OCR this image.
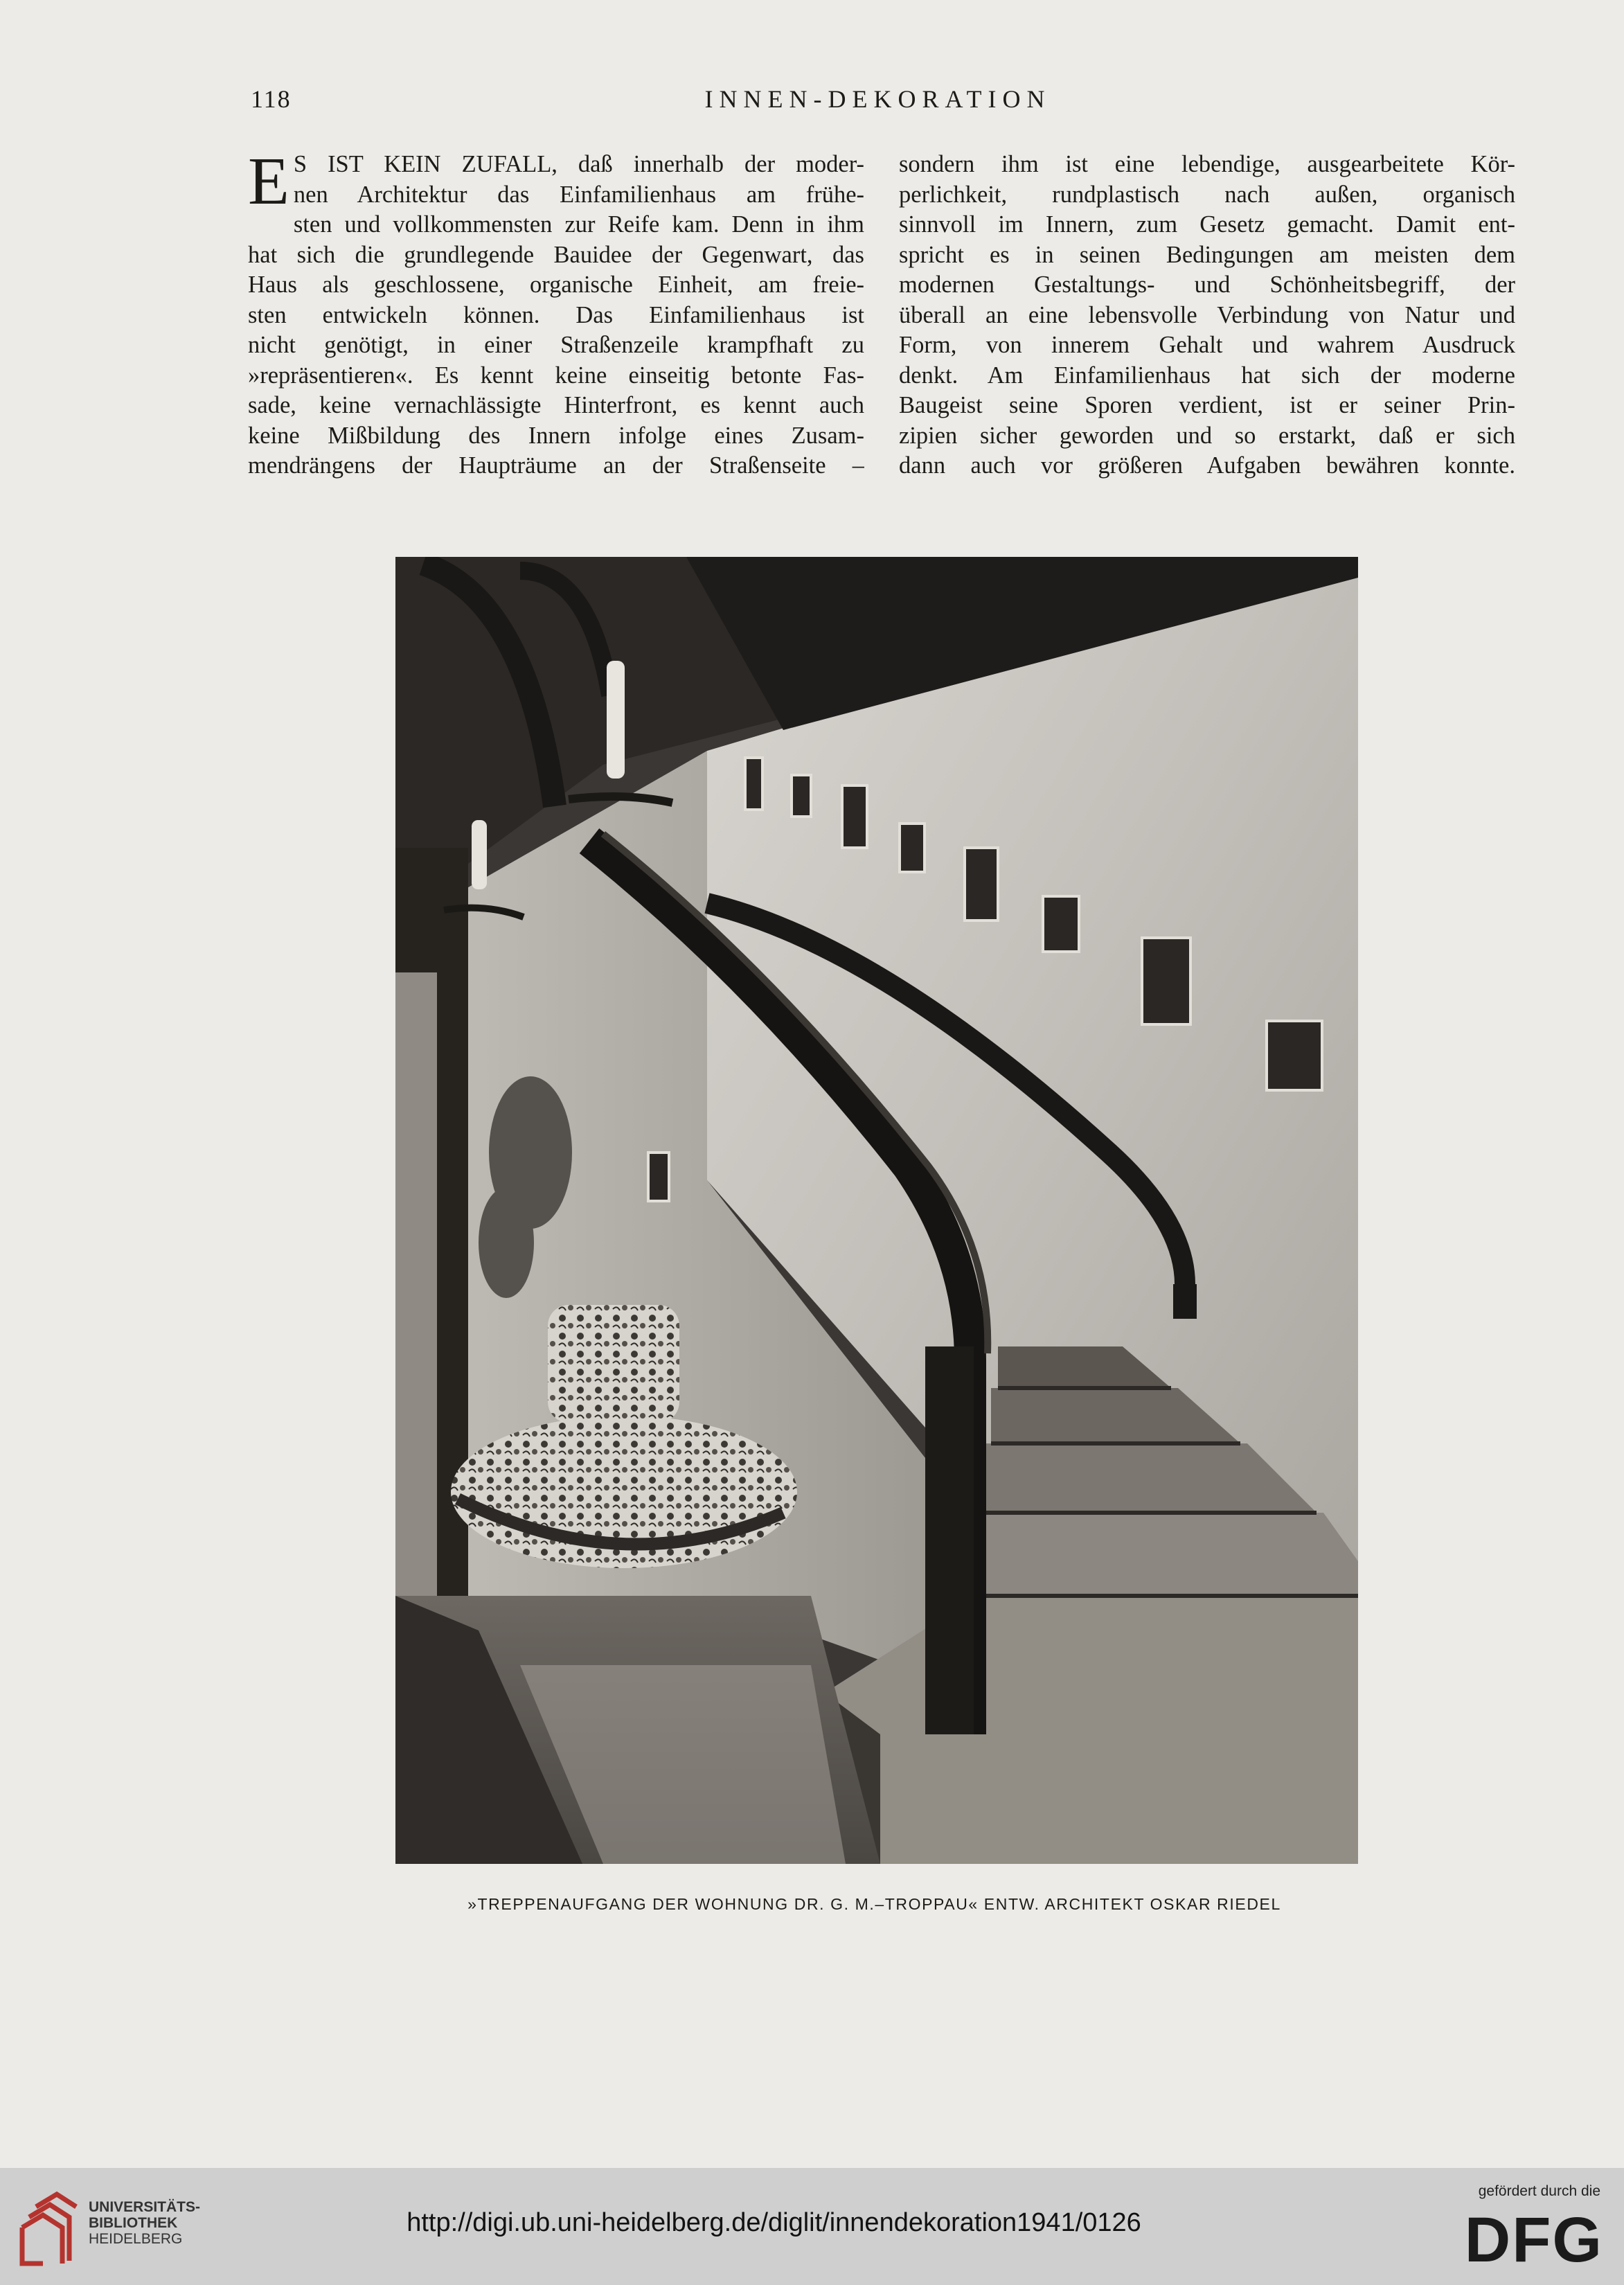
118	INNEN-DEKORATION
E S IST KEIN ZUFALL, daß innerhalb der moder-
nen Architektur das Einfamilienhaus am frühe-
sten und vollkommensten zur Reife kam. Denn in ihm
hat sich die grundlegende Bauidee der Gegenwart, das
Haus als geschlossene, organische Einheit, am freie-
sten entwickeln können. Das Einfamilienhaus ist
nicht genötigt, in einer Straßenzeile krampfhaft zu
»repräsentieren«. Es kennt keine einseitig betonte Fas-
sade, keine vernachlässigte Hinterfront, es kennt auch
keine Mißbildung des Innern infolge eines Zusam-
mendrängens der Haupträume an der Straßenseite –
sondern ihm ist eine lebendige, ausgearbeitete Kör-
perlichkeit, rundplastisch nach außen, organisch
sinnvoll im Innern, zum Gesetz gemacht. Damit ent-
spricht es in seinen Bedingungen am meisten dem
modernen Gestaltungs- und Schönheitsbegriff, der
überall an eine lebensvolle Verbindung von Natur und
Form, von innerem Gehalt und wahrem Ausdruck
denkt. Am Einfamilienhaus hat sich der moderne
Baugeist seine Sporen verdient, ist er seiner Prin-
zipien sicher geworden und so erstarkt, daß er sich
dann auch vor größeren Aufgaben bewähren konnte.
»TREPPENAUFGANG DER WOHNUNG DR. G. M.–TROPPAU« ENTW. ARCHITEKT OSKAR RIEDEL
UNIVERSITÄTS-
BIBLIOTHEK
HEIDELBERG
http://digi.ub.uni-heidelberg.de/diglit/innendekoration1941/0126
gefördert durch die
DFG
